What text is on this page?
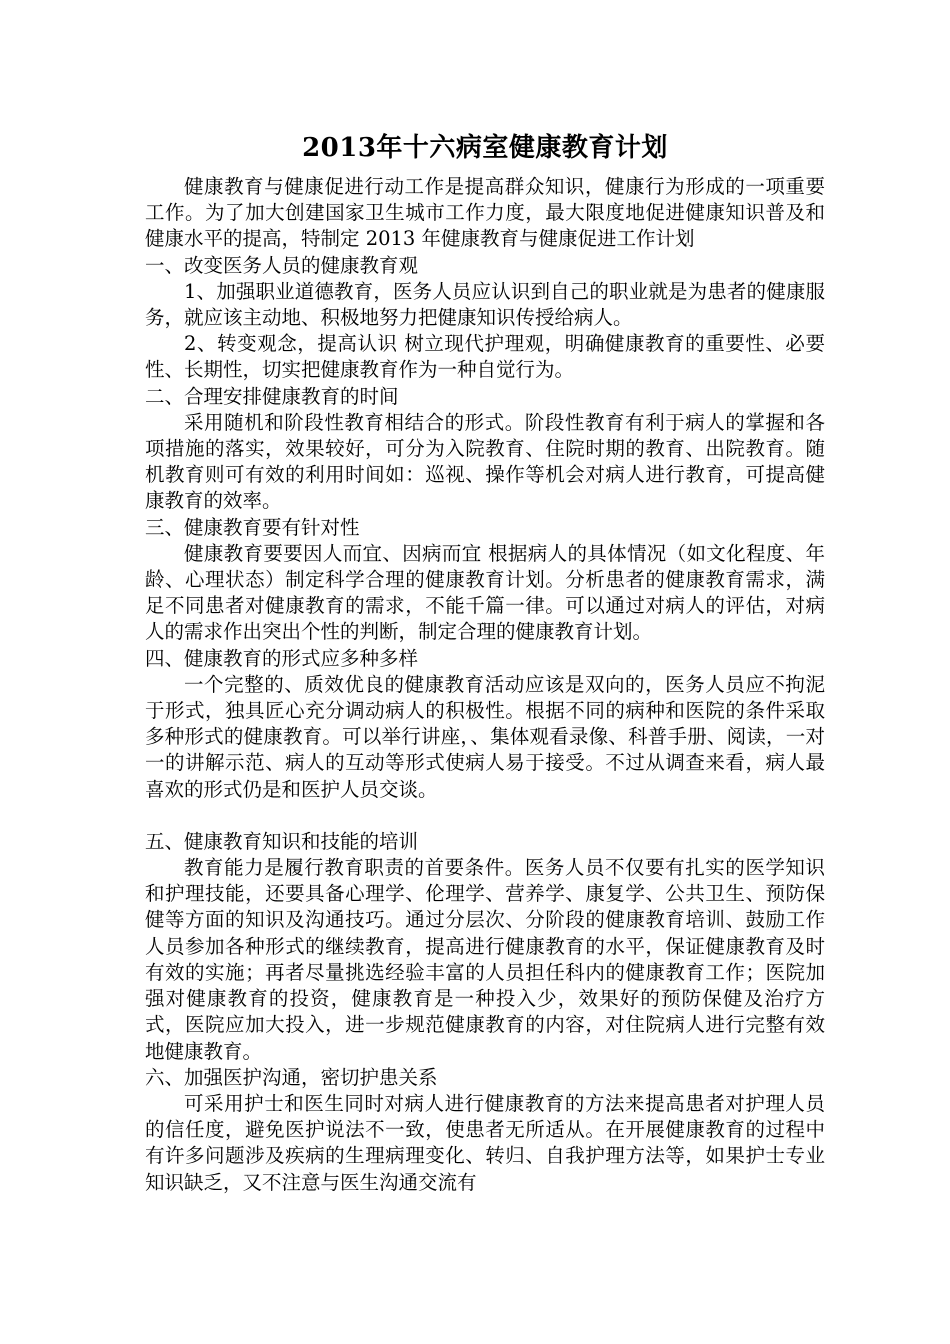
2013年十六病室健康教育计划

健康教育与健康促进行动工作是提高群众知识，健康行为形成的一项重要工作。为了加大创建国家卫生城市工作力度，最大限度地促进健康知识普及和健康水平的提高，特制定 2013 年健康教育与健康促进工作计划

一、改变医务人员的健康教育观

1、加强职业道德教育，医务人员应认识到自己的职业就是为患者的健康服务，就应该主动地、积极地努力把健康知识传授给病人。

2、转变观念，提高认识 树立现代护理观，明确健康教育的重要性、必要性、长期性，切实把健康教育作为一种自觉行为。

二、合理安排健康教育的时间

采用随机和阶段性教育相结合的形式。阶段性教育有利于病人的掌握和各项措施的落实，效果较好，可分为入院教育、住院时期的教育、出院教育。随机教育则可有效的利用时间如：巡视、操作等机会对病人进行教育，可提高健康教育的效率。

三、健康教育要有针对性

健康教育要要因人而宜、因病而宜 根据病人的具体情况（如文化程度、年龄、心理状态）制定科学合理的健康教育计划。分析患者的健康教育需求，满足不同患者对健康教育的需求，不能千篇一律。可以通过对病人的评估，对病人的需求作出突出个性的判断，制定合理的健康教育计划。

四、健康教育的形式应多种多样

一个完整的、质效优良的健康教育活动应该是双向的，医务人员应不拘泥于形式，独具匠心充分调动病人的积极性。根据不同的病种和医院的条件采取多种形式的健康教育。可以举行讲座，、集体观看录像、科普手册、阅读，一对一的讲解示范、病人的互动等形式使病人易于接受。不过从调查来看，病人最喜欢的形式仍是和医护人员交谈。

五、健康教育知识和技能的培训

教育能力是履行教育职责的首要条件。医务人员不仅要有扎实的医学知识和护理技能，还要具备心理学、伦理学、营养学、康复学、公共卫生、预防保健等方面的知识及沟通技巧。通过分层次、分阶段的健康教育培训、鼓励工作人员参加各种形式的继续教育，提高进行健康教育的水平，保证健康教育及时有效的实施；再者尽量挑选经验丰富的人员担任科内的健康教育工作；医院加强对健康教育的投资，健康教育是一种投入少，效果好的预防保健及治疗方式，医院应加大投入，进一步规范健康教育的内容，对住院病人进行完整有效地健康教育。

六、加强医护沟通，密切护患关系

可采用护士和医生同时对病人进行健康教育的方法来提高患者对护理人员的信任度，避免医护说法不一致，使患者无所适从。在开展健康教育的过程中有许多问题涉及疾病的生理病理变化、转归、自我护理方法等，如果护士专业知识缺乏，又不注意与医生沟通交流有
